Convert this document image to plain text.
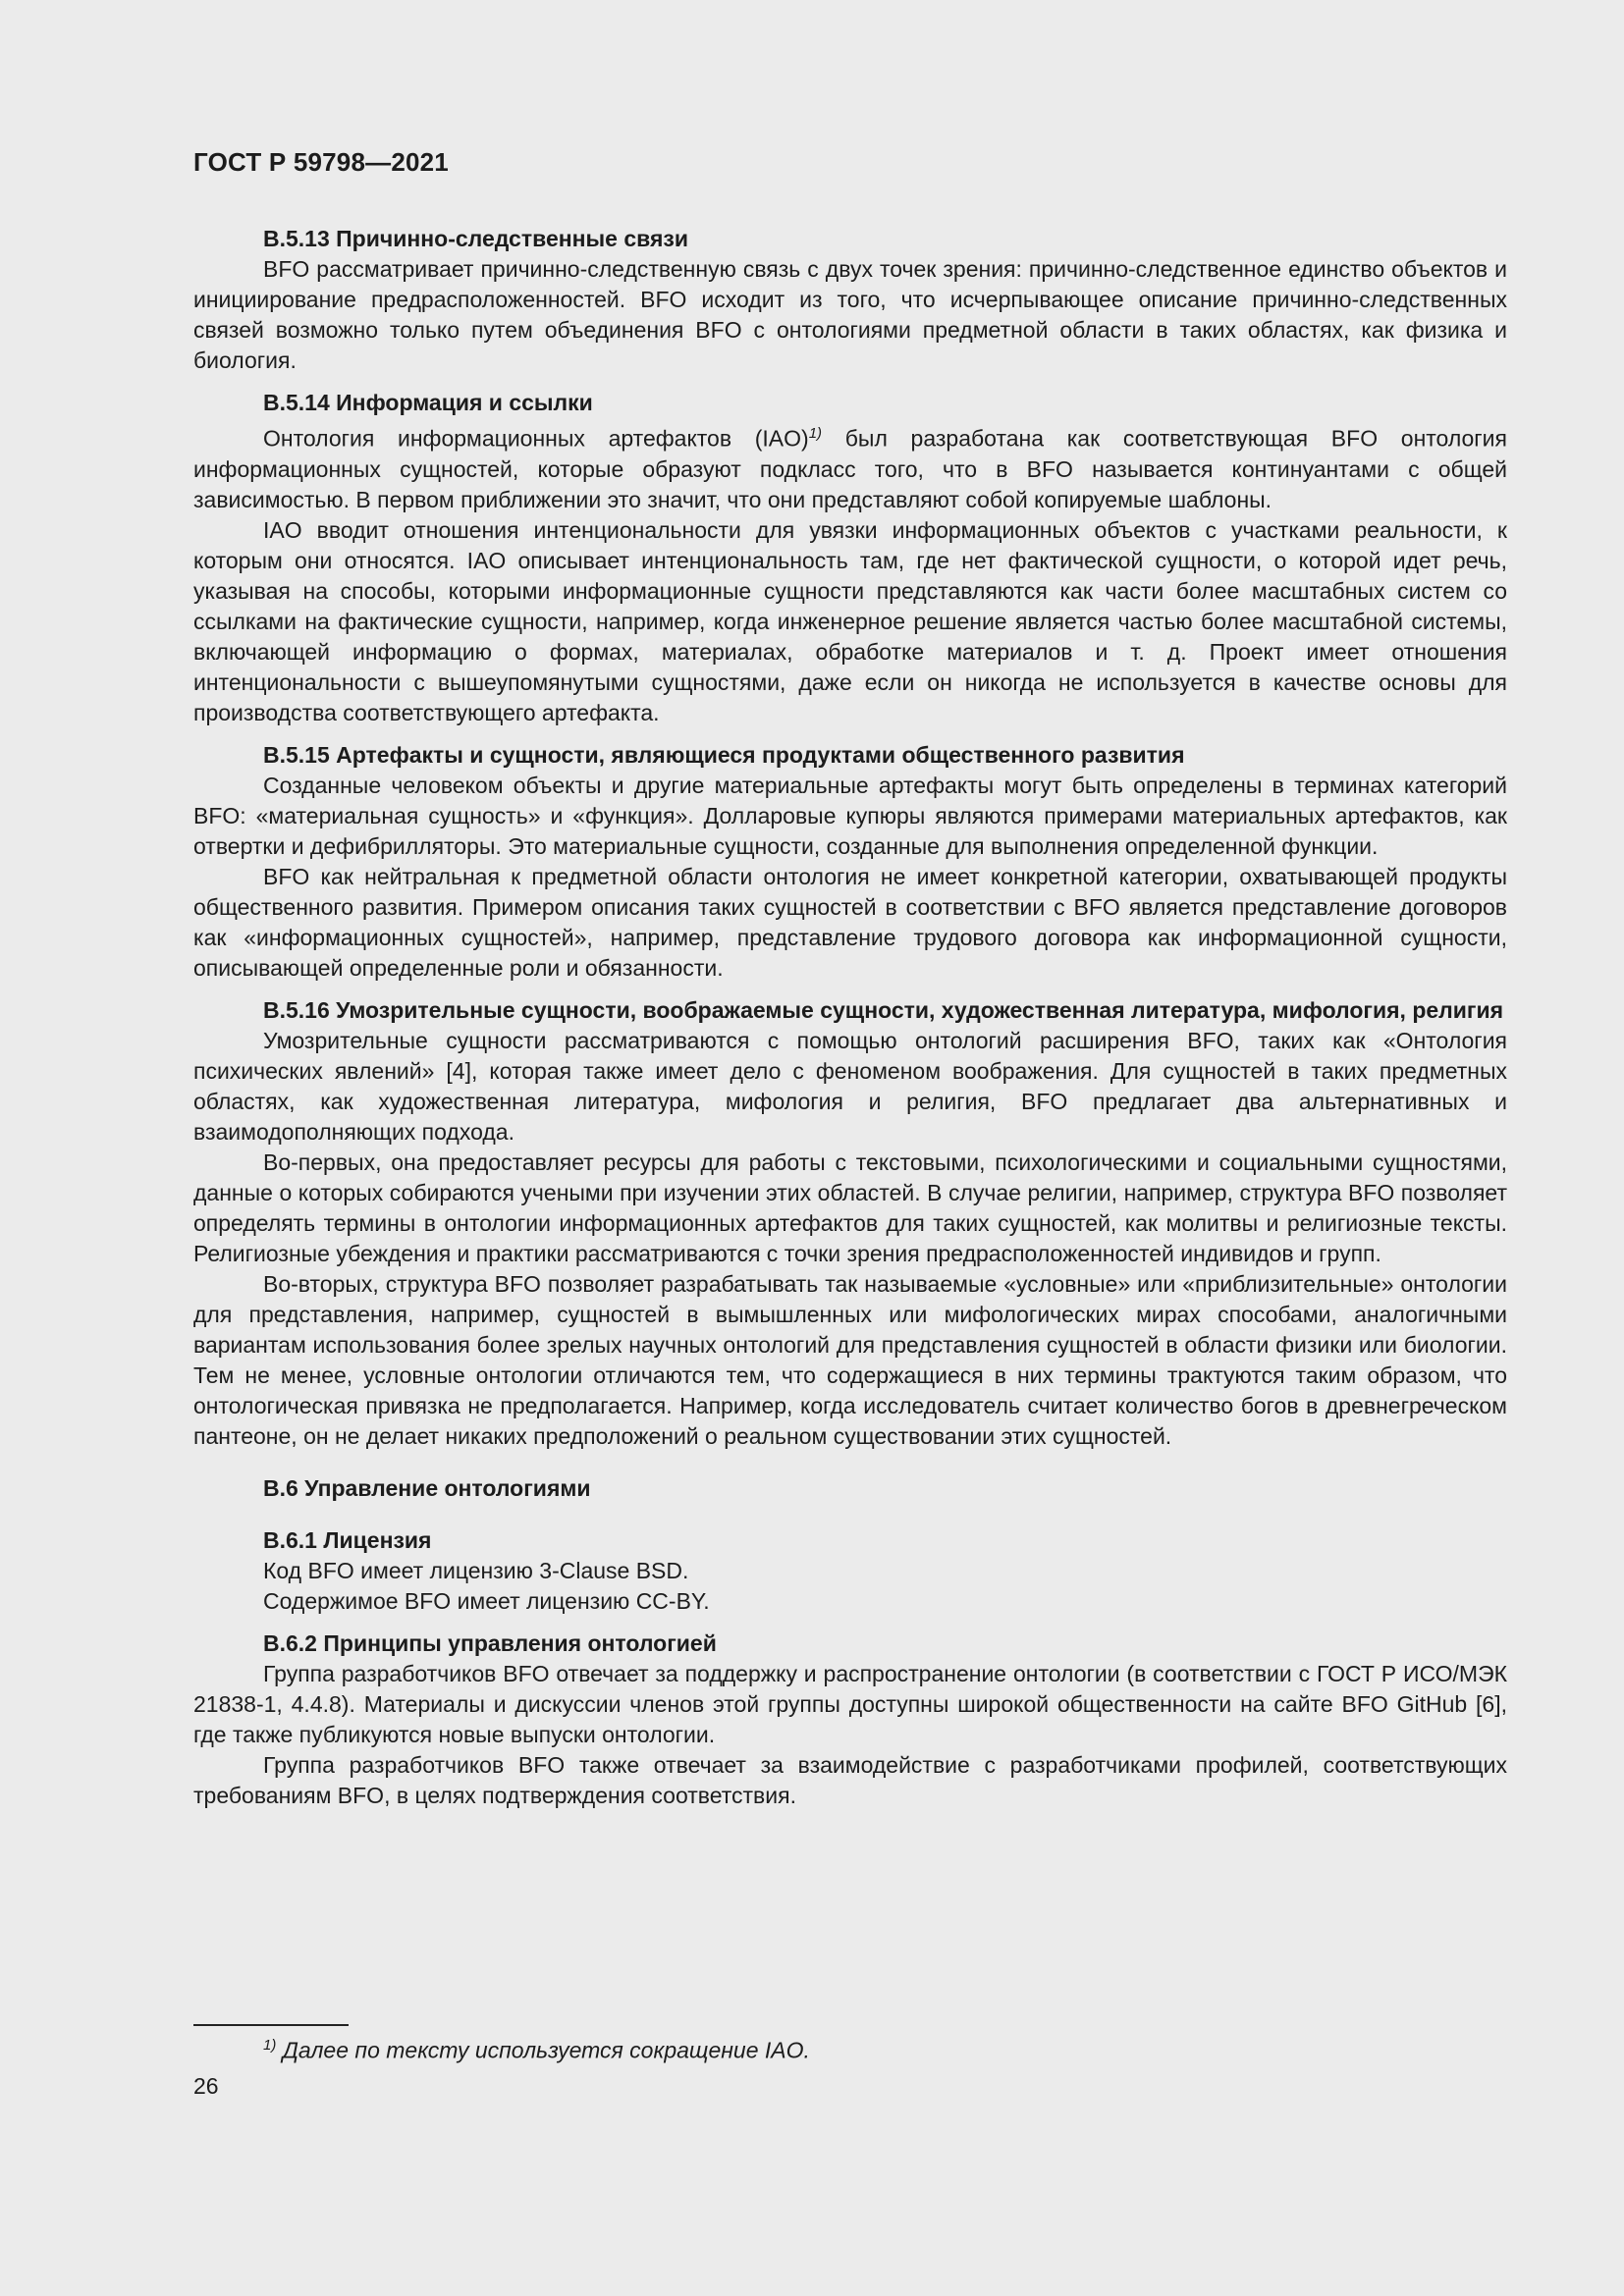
ГОСТ Р 59798—2021

В.5.13 Причинно-следственные связи

BFO рассматривает причинно-следственную связь с двух точек зрения: причинно-следственное единство объектов и инициирование предрасположенностей. BFO исходит из того, что исчерпывающее описание причинно-следственных связей возможно только путем объединения BFO с онтологиями предметной области в таких областях, как физика и биология.

В.5.14 Информация и ссылки

Онтология информационных артефактов (IAO)$^{1)}$ был разработана как соответствующая BFO онтология информационных сущностей, которые образуют подкласс того, что в BFO называется континуантами с общей зависимостью. В первом приближении это значит, что они представляют собой копируемые шаблоны.

IAO вводит отношения интенциональности для увязки информационных объектов с участками реальности, к которым они относятся. IAO описывает интенциональность там, где нет фактической сущности, о которой идет речь, указывая на способы, которыми информационные сущности представляются как части более масштабных систем со ссылками на фактические сущности, например, когда инженерное решение является частью более масштабной системы, включающей информацию о формах, материалах, обработке материалов и т. д. Проект имеет отношения интенциональности с вышеупомянутыми сущностями, даже если он никогда не используется в качестве основы для производства соответствующего артефакта.

В.5.15 Артефакты и сущности, являющиеся продуктами общественного развития

Созданные человеком объекты и другие материальные артефакты могут быть определены в терминах категорий BFO: «материальная сущность» и «функция». Долларовые купюры являются примерами материальных артефактов, как отвертки и дефибрилляторы. Это материальные сущности, созданные для выполнения определенной функции.

BFO как нейтральная к предметной области онтология не имеет конкретной категории, охватывающей продукты общественного развития. Примером описания таких сущностей в соответствии с BFO является представление договоров как «информационных сущностей», например, представление трудового договора как информационной сущности, описывающей определенные роли и обязанности.

В.5.16 Умозрительные сущности, воображаемые сущности, художественная литература, мифология, религия

Умозрительные сущности рассматриваются с помощью онтологий расширения BFO, таких как «Онтология психических явлений» [4], которая также имеет дело с феноменом воображения. Для сущностей в таких предметных областях, как художественная литература, мифология и религия, BFO предлагает два альтернативных и взаимодополняющих подхода.

Во-первых, она предоставляет ресурсы для работы с текстовыми, психологическими и социальными сущностями, данные о которых собираются учеными при изучении этих областей. В случае религии, например, структура BFO позволяет определять термины в онтологии информационных артефактов для таких сущностей, как молитвы и религиозные тексты. Религиозные убеждения и практики рассматриваются с точки зрения предрасположенностей индивидов и групп.

Во-вторых, структура BFO позволяет разрабатывать так называемые «условные» или «приблизительные» онтологии для представления, например, сущностей в вымышленных или мифологических мирах способами, аналогичными вариантам использования более зрелых научных онтологий для представления сущностей в области физики или биологии. Тем не менее, условные онтологии отличаются тем, что содержащиеся в них термины трактуются таким образом, что онтологическая привязка не предполагается. Например, когда исследователь считает количество богов в древнегреческом пантеоне, он не делает никаких предположений о реальном существовании этих сущностей.

В.6 Управление онтологиями

В.6.1 Лицензия

Код BFO имеет лицензию 3-Clause BSD.

Содержимое BFO имеет лицензию CC-BY.

В.6.2 Принципы управления онтологией

Группа разработчиков BFO отвечает за поддержку и распространение онтологии (в соответствии с ГОСТ Р ИСО/МЭК 21838-1, 4.4.8). Материалы и дискуссии членов этой группы доступны широкой общественности на сайте BFO GitHub [6], где также публикуются новые выпуски онтологии.

Группа разработчиков BFO также отвечает за взаимодействие с разработчиками профилей, соответствующих требованиям BFO, в целях подтверждения соответствия.

$^{1)}$ Далее по тексту используется сокращение IAO.
26
